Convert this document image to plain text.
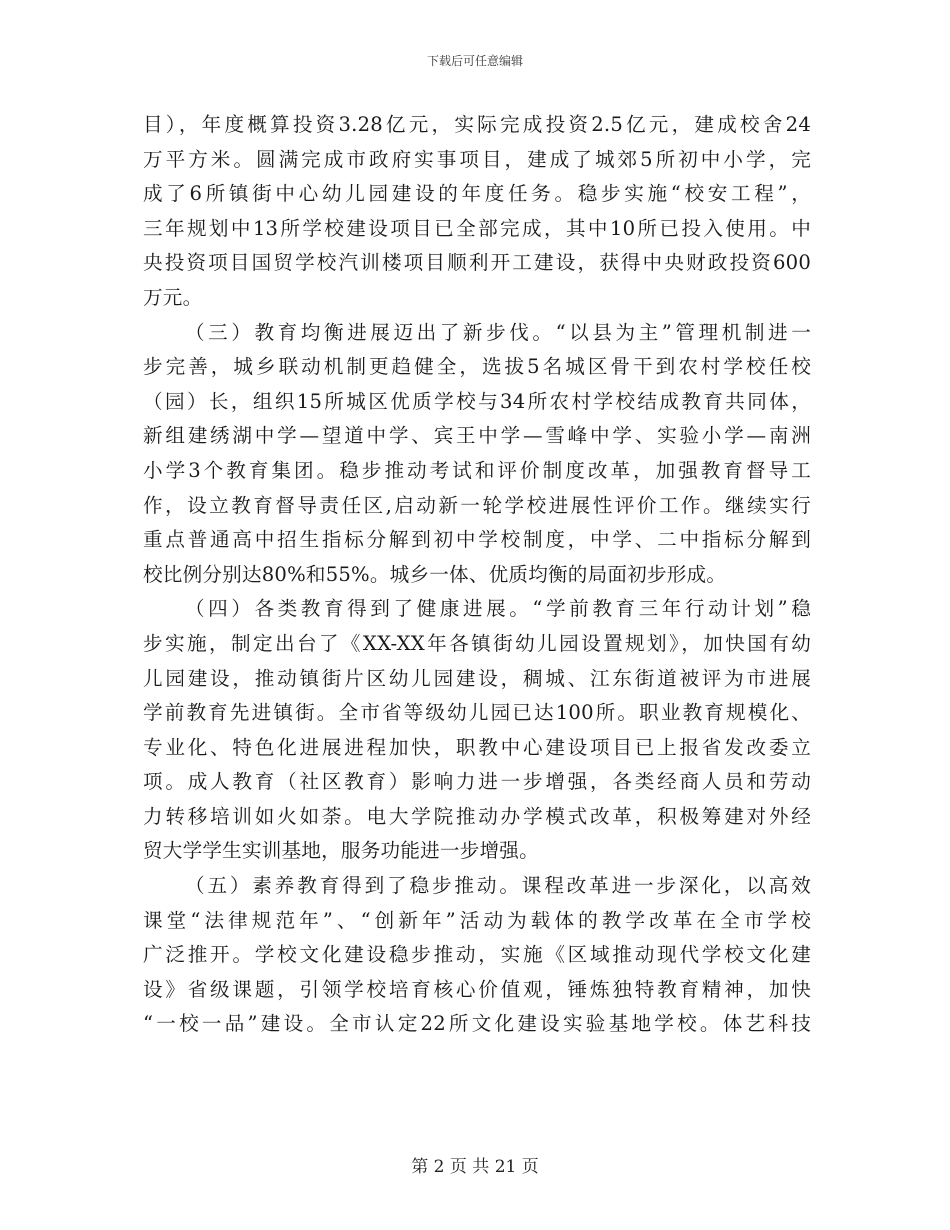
下载后可任意编辑
目），年度概算投资3.28亿元，实际完成投资2.5亿元，建成校舍24
万平方米。圆满完成市政府实事项目，建成了城郊5所初中小学，完
成了6所镇街中心幼儿园建设的年度任务。稳步实施“校安工程”，
三年规划中13所学校建设项目已全部完成，其中10所已投入使用。中
央投资项目国贸学校汽训楼项目顺利开工建设，获得中央财政投资600
万元。
（三）教育均衡进展迈出了新步伐。“以县为主”管理机制进一
步完善，城乡联动机制更趋健全，选拔5名城区骨干到农村学校任校
（园）长，组织15所城区优质学校与34所农村学校结成教育共同体，
新组建绣湖中学—望道中学、宾王中学—雪峰中学、实验小学—南洲
小学3个教育集团。稳步推动考试和评价制度改革，加强教育督导工
作，设立教育督导责任区,启动新一轮学校进展性评价工作。继续实行
重点普通高中招生指标分解到初中学校制度，中学、二中指标分解到
校比例分别达80%和55%。城乡一体、优质均衡的局面初步形成。
（四）各类教育得到了健康进展。“学前教育三年行动计划”稳
步实施，制定出台了《XX-XX年各镇街幼儿园设置规划》，加快国有幼
儿园建设，推动镇街片区幼儿园建设，稠城、江东街道被评为市进展
学前教育先进镇街。全市省等级幼儿园已达100所。职业教育规模化、
专业化、特色化进展进程加快，职教中心建设项目已上报省发改委立
项。成人教育（社区教育）影响力进一步增强，各类经商人员和劳动
力转移培训如火如荼。电大学院推动办学模式改革，积极筹建对外经
贸大学学生实训基地，服务功能进一步增强。
（五）素养教育得到了稳步推动。课程改革进一步深化，以高效
课堂“法律规范年”、“创新年”活动为载体的教学改革在全市学校
广泛推开。学校文化建设稳步推动，实施《区域推动现代学校文化建
设》省级课题，引领学校培育核心价值观，锤炼独特教育精神，加快
“一校一品”建设。全市认定22所文化建设实验基地学校。体艺科技
第 2 页 共 21 页
